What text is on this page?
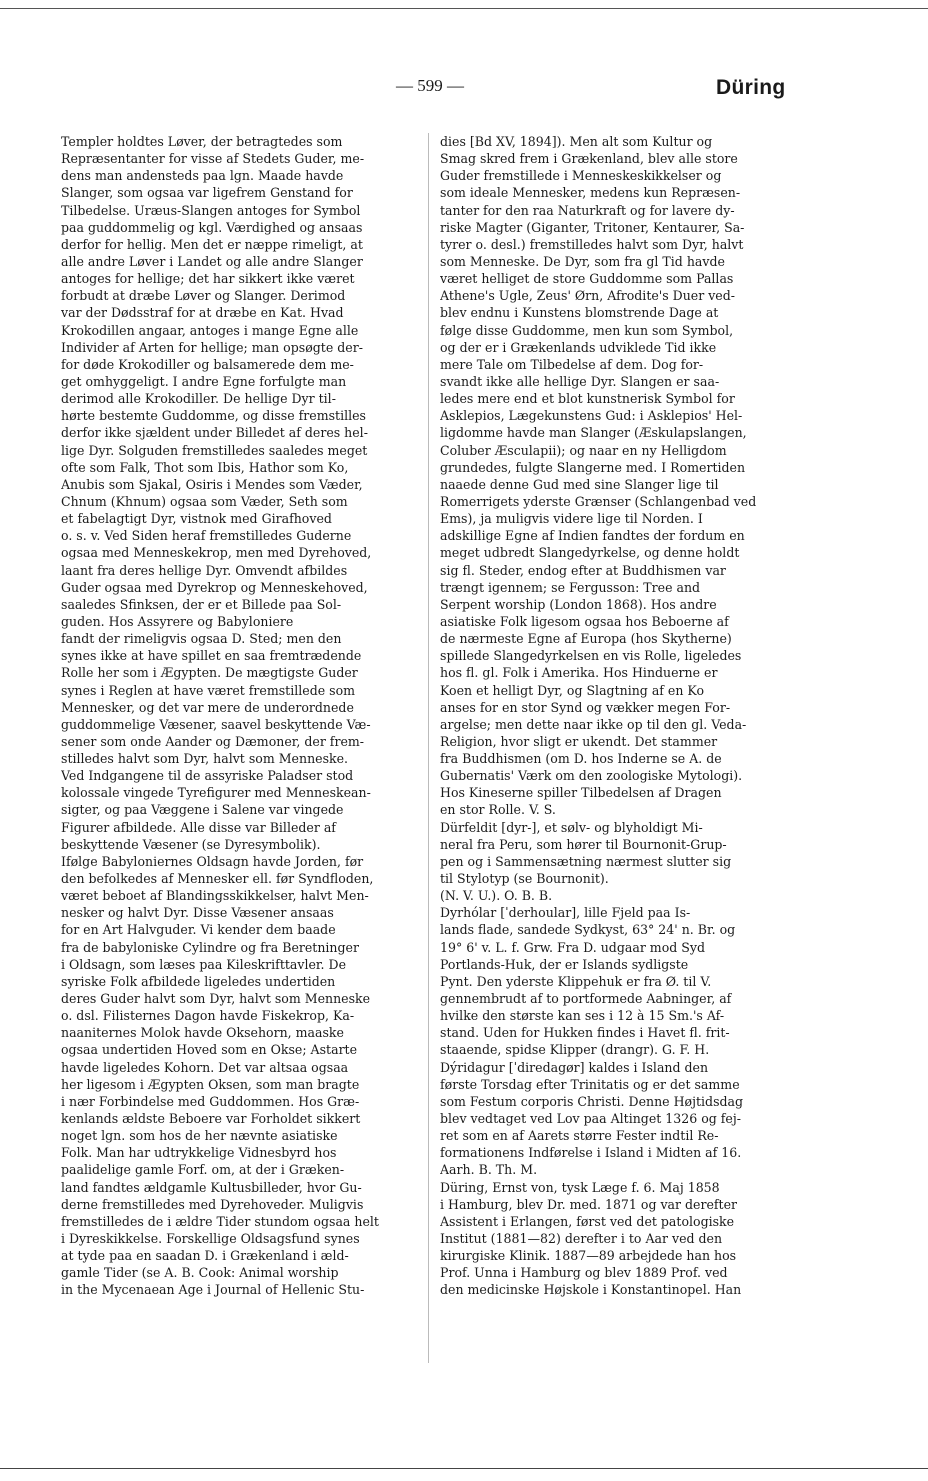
— 599 —	Düring
Templer holdtes Løver, der betragtedes som
Repræsentanter for visse af Stedets Guder, me-
dens man andensteds paa lgn. Maade havde
Slanger, som ogsaa var ligefrem Genstand for
Tilbedelse. Uræus-Slangen antoges for Symbol
paa guddommelig og kgl. Værdighed og ansaas
derfor for hellig. Men det er næppe rimeligt, at
alle andre Løver i Landet og alle andre Slanger
antoges for hellige; det har sikkert ikke været
forbudt at dræbe Løver og Slanger. Derimod
var der Dødsstraf for at dræbe en Kat. Hvad
Krokodillen angaar, antoges i mange Egne alle
Individer af Arten for hellige; man opsøgte der-
for døde Krokodiller og balsamerede dem me-
get omhyggeligt. I andre Egne forfulgte man
derimod alle Krokodiller. De hellige Dyr til-
hørte bestemte Guddomme, og disse fremstilles
derfor ikke sjældent under Billedet af deres hel-
lige Dyr. Solguden fremstilledes saaledes meget
ofte som Falk, Thot som Ibis, Hathor som Ko,
Anubis som Sjakal, Osiris i Mendes som Væder,
Chnum (Khnum) ogsaa som Væder, Seth som
et fabelagtigt Dyr, vistnok med Girafhoved
o. s. v. Ved Siden heraf fremstilledes Guderne
ogsaa med Menneskekrop, men med Dyrehoved,
laant fra deres hellige Dyr. Omvendt afbildes
Guder ogsaa med Dyrekrop og Menneskehoved,
saaledes Sfinksen, der er et Billede paa Sol-
guden. Hos Assyrere og Babyloniere
fandt der rimeligvis ogsaa D. Sted; men den
synes ikke at have spillet en saa fremtrædende
Rolle her som i Ægypten. De mægtigste Guder
synes i Reglen at have været fremstillede som
Mennesker, og det var mere de underordnede
guddommelige Væsener, saavel beskyttende Væ-
sener som onde Aander og Dæmoner, der frem-
stilledes halvt som Dyr, halvt som Menneske.
Ved Indgangene til de assyriske Paladser stod
kolossale vingede Tyrefigurer med Menneskean-
sigter, og paa Væggene i Salene var vingede
Figurer afbildede. Alle disse var Billeder af
beskyttende Væsener (se Dyresymbolik).
Ifølge Babyloniernes Oldsagn havde Jorden, før
den befolkedes af Mennesker ell. før Syndfloden,
været beboet af Blandingsskikkelser, halvt Men-
nesker og halvt Dyr. Disse Væsener ansaas
for en Art Halvguder. Vi kender dem baade
fra de babyloniske Cylindre og fra Beretninger
i Oldsagn, som læses paa Kileskrifttavler. De
syriske Folk afbildede ligeledes undertiden
deres Guder halvt som Dyr, halvt som Menneske
o. dsl. Filisternes Dagon havde Fiskekrop, Ka-
naaniternes Molok havde Oksehorn, maaske
ogsaa undertiden Hoved som en Okse; Astarte
havde ligeledes Kohorn. Det var altsaa ogsaa
her ligesom i Ægypten Oksen, som man bragte
i nær Forbindelse med Guddommen. Hos Græ-
kenlands ældste Beboere var Forholdet sikkert
noget lgn. som hos de her nævnte asiatiske
Folk. Man har udtrykkelige Vidnesbyrd hos
paalidelige gamle Forf. om, at der i Græken-
land fandtes ældgamle Kultusbilleder, hvor Gu-
derne fremstilledes med Dyrehoveder. Muligvis
fremstilledes de i ældre Tider stundom ogsaa helt
i Dyreskikkelse. Forskellige Oldsagsfund synes
at tyde paa en saadan D. i Grækenland i æld-
gamle Tider (se A. B. Cook: Animal worship
in the Mycenaean Age i Journal of Hellenic Stu-
dies [Bd XV, 1894]). Men alt som Kultur og
Smag skred frem i Grækenland, blev alle store
Guder fremstillede i Menneskeskikkelser og
som ideale Mennesker, medens kun Repræsen-
tanter for den raa Naturkraft og for lavere dy-
riske Magter (Giganter, Tritoner, Kentaurer, Sa-
tyrer o. desl.) fremstilledes halvt som Dyr, halvt
som Menneske. De Dyr, som fra gl Tid havde
været helliget de store Guddomme som Pallas
Athene's Ugle, Zeus' Ørn, Afrodite's Duer ved-
blev endnu i Kunstens blomstrende Dage at
følge disse Guddomme, men kun som Symbol,
og der er i Grækenlands udviklede Tid ikke
mere Tale om Tilbedelse af dem. Dog for-
svandt ikke alle hellige Dyr. Slangen er saa-
ledes mere end et blot kunstnerisk Symbol for
Asklepios, Lægekunstens Gud: i Asklepios' Hel-
ligdomme havde man Slanger (Æskulapslangen,
Coluber Æsculapii); og naar en ny Helligdom
grundedes, fulgte Slangerne med. I Romertiden
naaede denne Gud med sine Slanger lige til
Romerrigets yderste Grænser (Schlangenbad ved
Ems), ja muligvis videre lige til Norden. I
adskillige Egne af Indien fandtes der fordum en
meget udbredt Slangedyrkelse, og denne holdt
sig fl. Steder, endog efter at Buddhismen var
trængt igennem; se Fergusson: Tree and
Serpent worship (London 1868). Hos andre
asiatiske Folk ligesom ogsaa hos Beboerne af
de nærmeste Egne af Europa (hos Skytherne)
spillede Slangedyrkelsen en vis Rolle, ligeledes
hos fl. gl. Folk i Amerika. Hos Hinduerne er
Koen et helligt Dyr, og Slagtning af en Ko
anses for en stor Synd og vækker megen For-
argelse; men dette naar ikke op til den gl. Veda-
Religion, hvor sligt er ukendt. Det stammer
fra Buddhismen (om D. hos Inderne se A. de
Gubernatis' Værk om den zoologiske Mytologi).
Hos Kineserne spiller Tilbedelsen af Dragen
en stor Rolle. V. S.
Dürfeldit [dyr-], et sølv- og blyholdigt Mi-
neral fra Peru, som hører til Bournonit-Grup-
pen og i Sammensætning nærmest slutter sig
til Stylotyp (se Bournonit).
(N. V. U.). O. B. B.
Dyrhólar [ˈderhoular], lille Fjeld paa Is-
lands flade, sandede Sydkyst, 63° 24' n. Br. og
19° 6' v. L. f. Grw. Fra D. udgaar mod Syd
Portlands-Huk, der er Islands sydligste
Pynt. Den yderste Klippehuk er fra Ø. til V.
gennembrudt af to portformede Aabninger, af
hvilke den største kan ses i 12 à 15 Sm.'s Af-
stand. Uden for Hukken findes i Havet fl. frit-
staaende, spidse Klipper (drangr). G. F. H.
Dýridagur [ˈdiredagør] kaldes i Island den
første Torsdag efter Trinitatis og er det samme
som Festum corporis Christi. Denne Højtidsdag
blev vedtaget ved Lov paa Altinget 1326 og fej-
ret som en af Aarets større Fester indtil Re-
formationens Indførelse i Island i Midten af 16.
Aarh. B. Th. M.
Düring, Ernst von, tysk Læge f. 6. Maj 1858
i Hamburg, blev Dr. med. 1871 og var derefter
Assistent i Erlangen, først ved det patologiske
Institut (1881—82) derefter i to Aar ved den
kirurgiske Klinik. 1887—89 arbejdede han hos
Prof. Unna i Hamburg og blev 1889 Prof. ved
den medicinske Højskole i Konstantinopel. Han
